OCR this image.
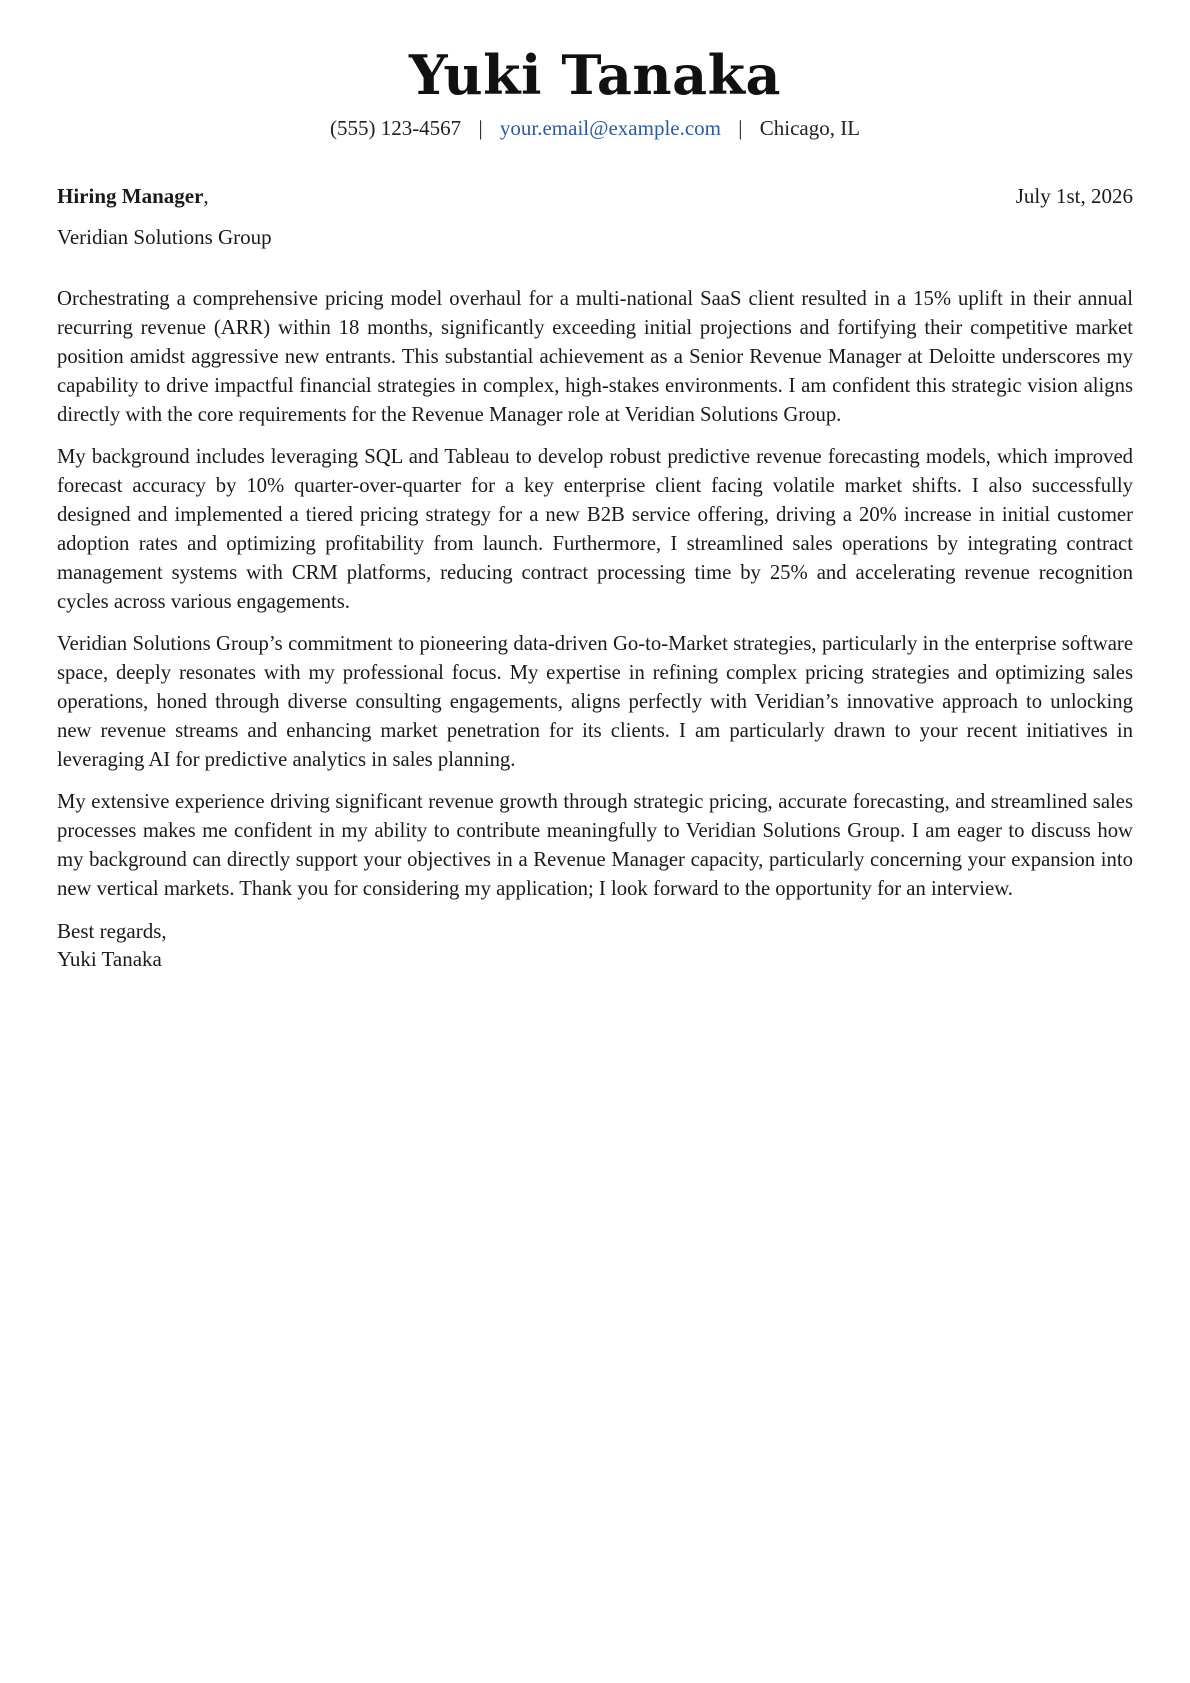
Yuki Tanaka
(555) 123-4567 | your.email@example.com | Chicago, IL
Hiring Manager,	July 1st, 2026
Veridian Solutions Group

Orchestrating a comprehensive pricing model overhaul for a multi-national SaaS client resulted in a 15% uplift in their annual recurring revenue (ARR) within 18 months, significantly exceeding initial projections and fortifying their competitive market position amidst aggressive new entrants. This substantial achievement as a Senior Revenue Manager at Deloitte underscores my capability to drive impactful financial strategies in complex, high-stakes environments. I am confident this strategic vision aligns directly with the core requirements for the Revenue Manager role at Veridian Solutions Group.

My background includes leveraging SQL and Tableau to develop robust predictive revenue forecasting models, which improved forecast accuracy by 10% quarter-over-quarter for a key enterprise client facing volatile market shifts. I also successfully designed and implemented a tiered pricing strategy for a new B2B service offering, driving a 20% increase in initial customer adoption rates and optimizing profitability from launch. Furthermore, I streamlined sales operations by integrating contract management systems with CRM platforms, reducing contract processing time by 25% and accelerating revenue recognition cycles across various engagements.

Veridian Solutions Group’s commitment to pioneering data-driven Go-to-Market strategies, particularly in the enterprise software space, deeply resonates with my professional focus. My expertise in refining complex pricing strategies and optimizing sales operations, honed through diverse consulting engagements, aligns perfectly with Veridian’s innovative approach to unlocking new revenue streams and enhancing market penetration for its clients. I am particularly drawn to your recent initiatives in leveraging AI for predictive analytics in sales planning.

My extensive experience driving significant revenue growth through strategic pricing, accurate forecasting, and streamlined sales processes makes me confident in my ability to contribute meaningfully to Veridian Solutions Group. I am eager to discuss how my background can directly support your objectives in a Revenue Manager capacity, particularly concerning your expansion into new vertical markets. Thank you for considering my application; I look forward to the opportunity for an interview.

Best regards,
Yuki Tanaka
